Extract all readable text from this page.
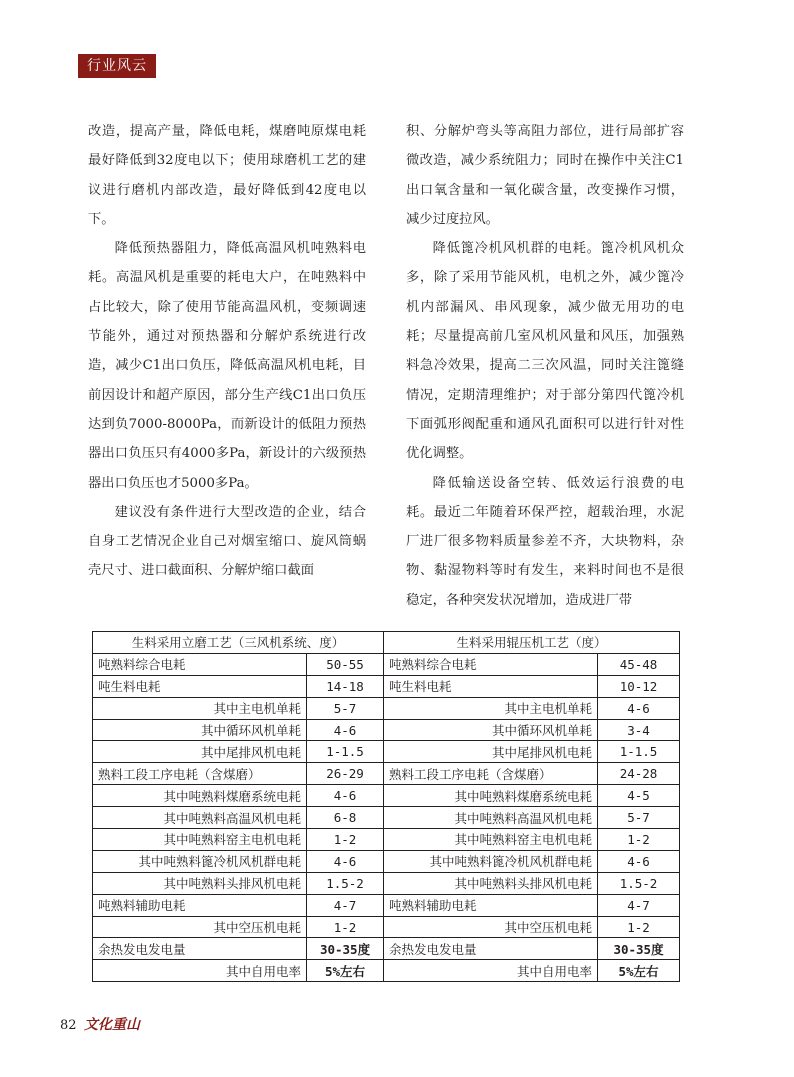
行业风云

改造，提高产量，降低电耗，煤磨吨原煤电耗最好降低到32度电以下；使用球磨机工艺的建议进行磨机内部改造，最好降低到42度电以下。

降低预热器阻力，降低高温风机吨熟料电耗。高温风机是重要的耗电大户，在吨熟料中占比较大，除了使用节能高温风机，变频调速节能外，通过对预热器和分解炉系统进行改造，减少C1出口负压，降低高温风机电耗，目前因设计和超产原因，部分生产线C1出口负压达到负7000-8000Pa，而新设计的低阻力预热器出口负压只有4000多Pa，新设计的六级预热器出口负压也才5000多Pa。

建议没有条件进行大型改造的企业，结合自身工艺情况企业自己对烟室缩口、旋风筒蜗壳尺寸、进口截面积、分解炉缩口截面

积、分解炉弯头等高阻力部位，进行局部扩容微改造，减少系统阻力；同时在操作中关注C1出口氧含量和一氧化碳含量，改变操作习惯，减少过度拉风。

降低篦冷机风机群的电耗。篦冷机风机众多，除了采用节能风机，电机之外，减少篦冷机内部漏风、串风现象，减少做无用功的电耗；尽量提高前几室风机风量和风压，加强熟料急冷效果，提高二三次风温，同时关注篦缝情况，定期清理维护；对于部分第四代篦冷机下面弧形阀配重和通风孔面积可以进行针对性优化调整。

降低输送设备空转、低效运行浪费的电耗。最近二年随着环保严控，超载治理，水泥厂进厂很多物料质量参差不齐，大块物料，杂物、黏湿物料等时有发生，来料时间也不是很稳定，各种突发状况增加，造成进厂带

生料采用立磨工艺（三风机系统、度）		生料采用辊压机工艺（度）	
吨熟料综合电耗	50-55	吨熟料综合电耗	45-48
吨生料电耗	14-18	吨生料电耗	10-12
其中主电机单耗	5-7	其中主电机单耗	4-6
其中循环风机单耗	4-6	其中循环风机单耗	3-4
其中尾排风机电耗	1-1.5	其中尾排风机电耗	1-1.5
熟料工段工序电耗（含煤磨）	26-29	熟料工段工序电耗（含煤磨）	24-28
其中吨熟料煤磨系统电耗	4-6	其中吨熟料煤磨系统电耗	4-5
其中吨熟料高温风机电耗	6-8	其中吨熟料高温风机电耗	5-7
其中吨熟料窑主电机电耗	1-2	其中吨熟料窑主电机电耗	1-2
其中吨熟料篦冷机风机群电耗	4-6	其中吨熟料篦冷机风机群电耗	4-6
其中吨熟料头排风机电耗	1.5-2	其中吨熟料头排风机电耗	1.5-2
吨熟料辅助电耗	4-7	吨熟料辅助电耗	4-7
其中空压机电耗	1-2	其中空压机电耗	1-2
余热发电发电量	30-35度	余热发电发电量	30-35度
其中自用电率	5%左右	其中自用电率	5%左右
82 文化重山
